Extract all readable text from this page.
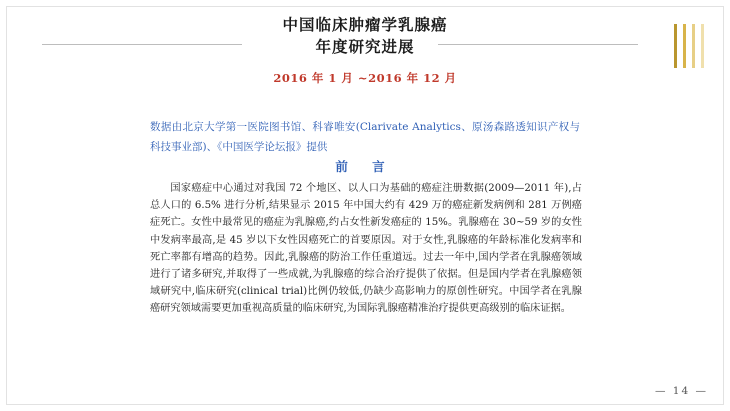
中国临床肿瘤学乳腺癌
年度研究进展
2016 年 1 月 ~2016 年 12 月
数据由北京大学第一医院图书馆、科睿唯安(Clarivate Analytics、原汤森路透知识产权与科技事业部)、《中国医学论坛报》提供
前 言
国家癌症中心通过对我国 72 个地区、以人口为基础的癌症注册数据(2009—2011 年),占总人口的 6.5% 进行分析,结果显示 2015 年中国大约有 429 万的癌症新发病例和 281 万例癌症死亡。女性中最常见的癌症为乳腺癌,约占女性新发癌症的 15%。乳腺癌在 30~59 岁的女性中发病率最高,是 45 岁以下女性因癌死亡的首要原因。对于女性,乳腺癌的年龄标准化发病率和死亡率都有增高的趋势。因此,乳腺癌的防治工作任重道远。过去一年中,国内学者在乳腺癌领域进行了诸多研究,并取得了一些成就,为乳腺癌的综合治疗提供了依据。但是国内学者在乳腺癌领域研究中,临床研究(clinical trial)比例仍较低,仍缺少高影响力的原创性研究。中国学者在乳腺癌研究领域需要更加重视高质量的临床研究,为国际乳腺癌精准治疗提供更高级别的临床证据。
— 14 —
